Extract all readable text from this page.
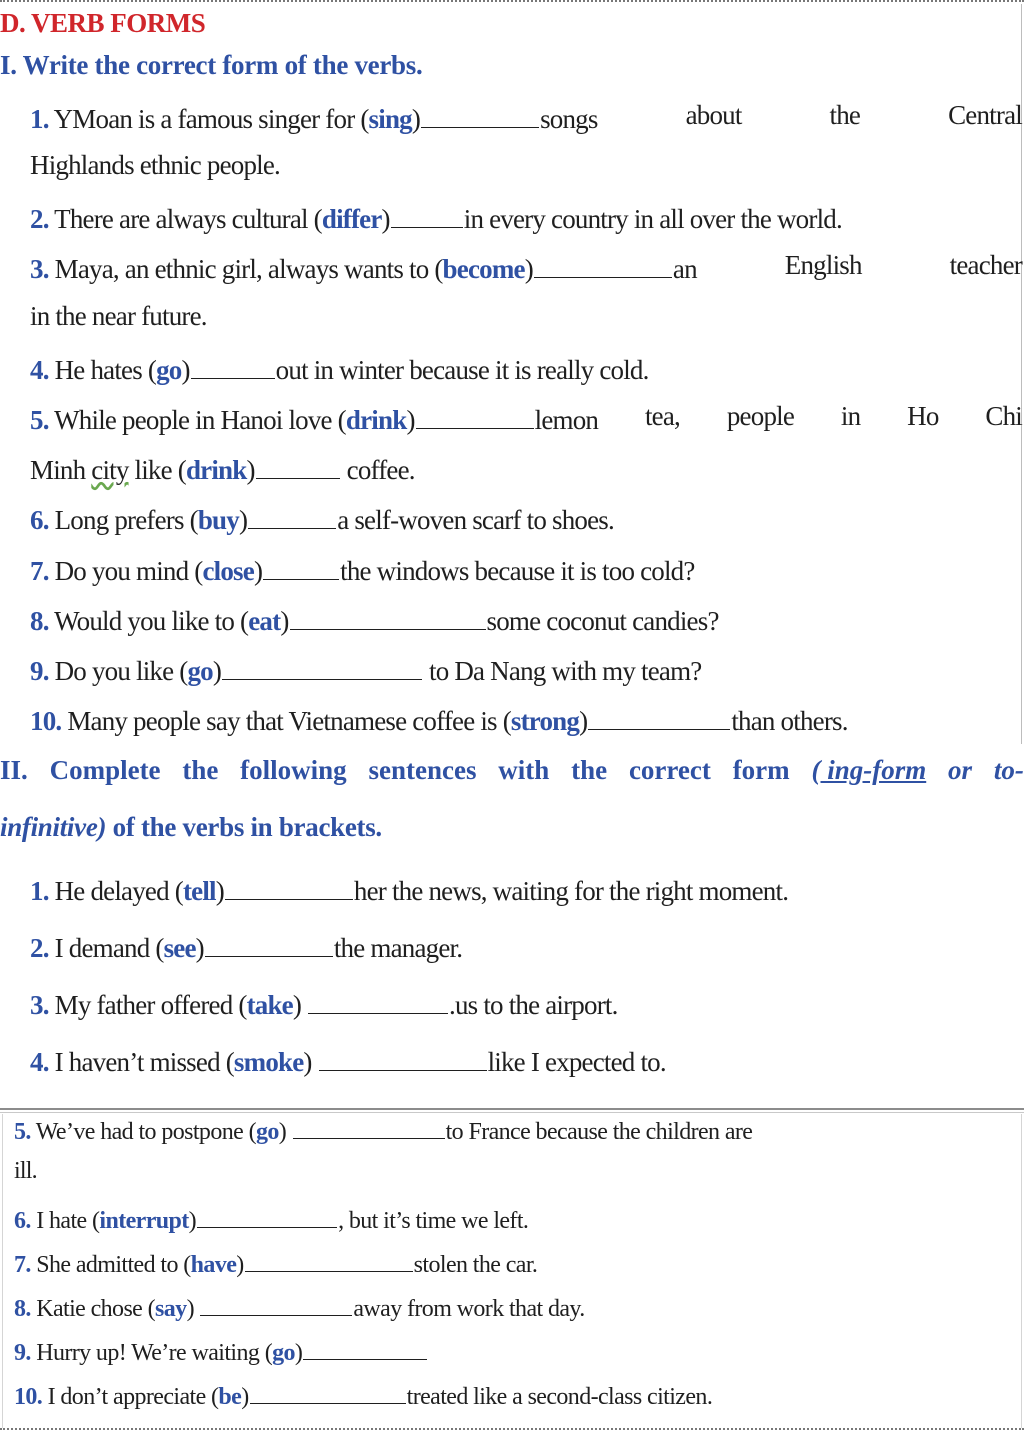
D. VERB FORMS
I. Write the correct form of the verbs.
1. YMoan is a famous singer for (sing)	songs	about	the	Central
Highlands ethnic people.
2. There are always cultural (differ)	in every country in all over the world.
3. Maya, an ethnic girl, always wants to (become)	an	English	teacher
in the near future.
4. He hates (go)	out in winter because it is really cold.
5. While people in Hanoi love (drink)	lemon tea, people in Ho Chi
Minh city like (drink)	coffee.
6. Long prefers (buy)	a self-woven scarf to shoes.
7. Do you mind (close)	the windows because it is too cold?
8. Would you like to (eat)	some coconut candies?
9. Do you like (go)	to Da Nang with my team?
10. Many people say that Vietnamese coffee is (strong)	than others.
II. Complete the following sentences with the correct form ( ing-form or to-
infinitive) of the verbs in brackets.
1. He delayed (tell)	her the news, waiting for the right moment.
2. I demand (see)	the manager.
3. My father offered (take)	.us to the airport.
4. I haven’t missed (smoke)	like I expected to.
5. We’ve had to postpone (go)	to France because the children are
ill.
6. I hate (interrupt)	, but it’s time we left.
7. She admitted to (have)	stolen the car.
8. Katie chose (say)	away from work that day.
9. Hurry up! We’re waiting (go)
10. I don’t appreciate (be)	treated like a second-class citizen.
